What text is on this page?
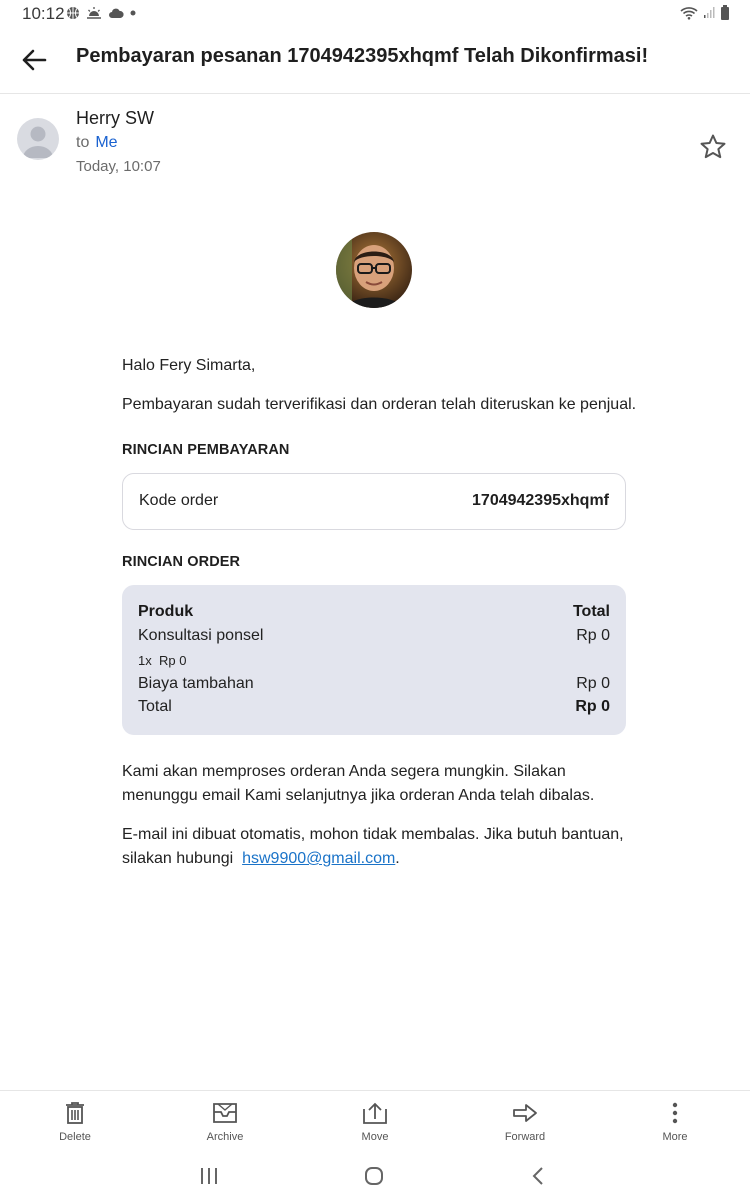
10:12
Pembayaran pesanan 1704942395xhqmf Telah Dikonfirmasi!
Herry SW
to Me
Today, 10:07
Halo Fery Simarta,
Pembayaran sudah terverifikasi dan orderan telah diteruskan ke penjual.
RINCIAN PEMBAYARAN
Kode order	1704942395xhqmf
RINCIAN ORDER
Produk	Total
Konsultasi ponsel	Rp 0
1x Rp 0
Biaya tambahan	Rp 0
Total	Rp 0
Kami akan memproses orderan Anda segera mungkin. Silakan
menunggu email Kami selanjutnya jika orderan Anda telah dibalas.
E-mail ini dibuat otomatis, mohon tidak membalas. Jika butuh bantuan,
silakan hubungi hsw9900@gmail.com.
Delete	Archive	Move	Forward	More
